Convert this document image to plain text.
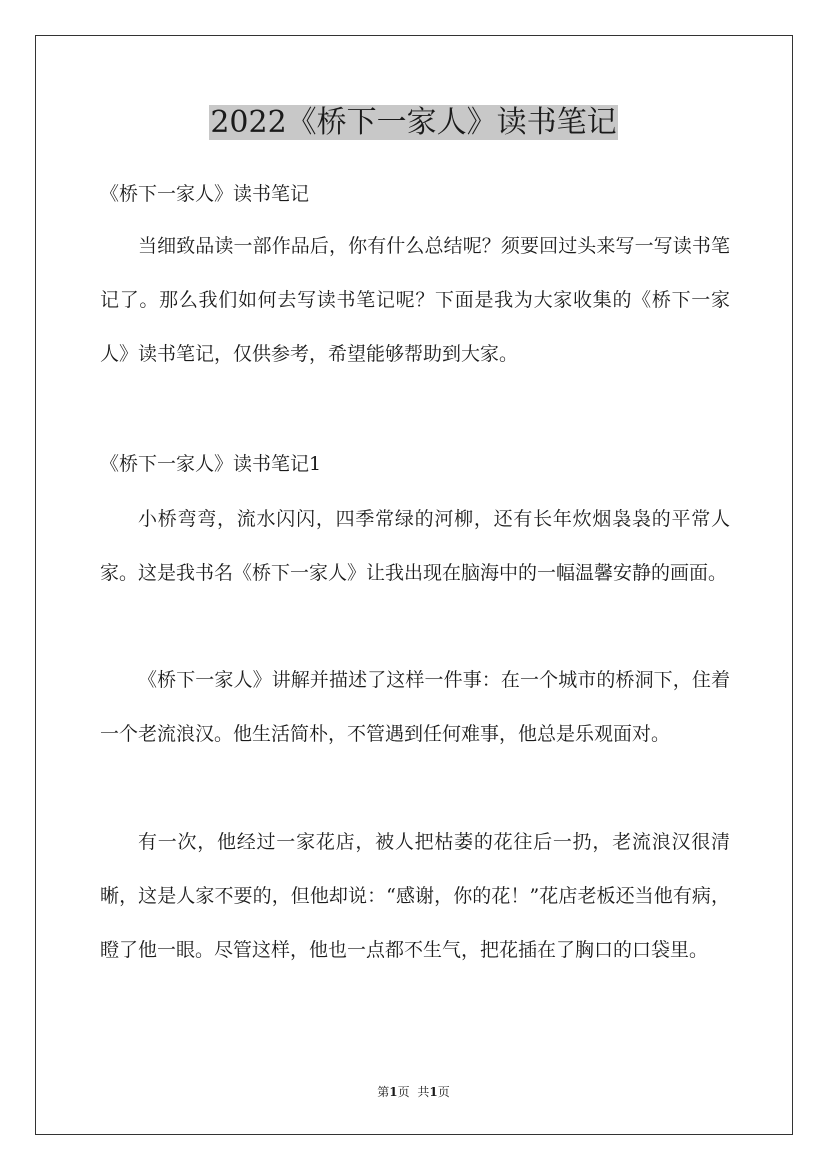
2022《桥下一家人》读书笔记

《桥下一家人》读书笔记

当细致品读一部作品后，你有什么总结呢？须要回过头来写一写读书笔记了。那么我们如何去写读书笔记呢？下面是我为大家收集的《桥下一家人》读书笔记，仅供参考，希望能够帮助到大家。

《桥下一家人》读书笔记1

小桥弯弯，流水闪闪，四季常绿的河柳，还有长年炊烟袅袅的平常人家。这是我书名《桥下一家人》让我出现在脑海中的一幅温馨安静的画面。

《桥下一家人》讲解并描述了这样一件事：在一个城市的桥洞下，住着一个老流浪汉。他生活简朴，不管遇到任何难事，他总是乐观面对。

有一次，他经过一家花店，被人把枯萎的花往后一扔，老流浪汉很清晰，这是人家不要的，但他却说：“感谢，你的花！”花店老板还当他有病，瞪了他一眼。尽管这样，他也一点都不生气，把花插在了胸口的口袋里。

第1页 共1页
